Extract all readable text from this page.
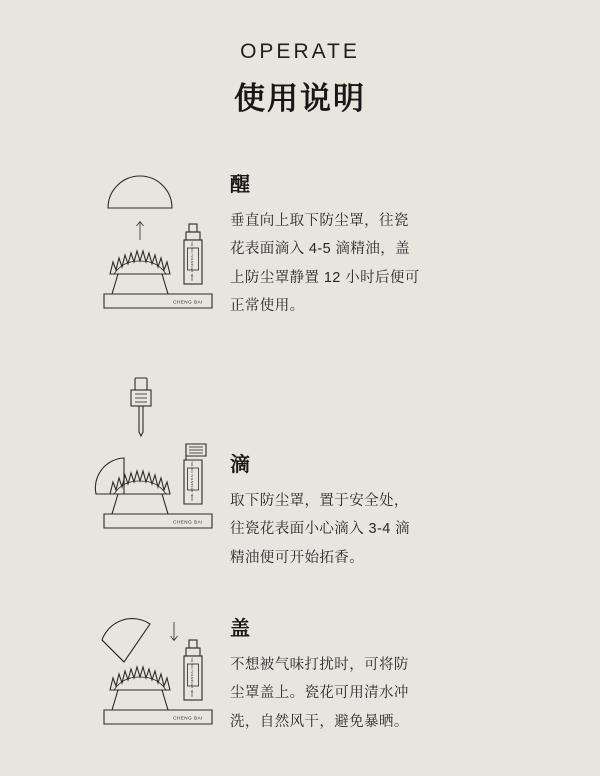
OPERATE
使用说明
30ML ESSENTIAL OIL OIL
CHENG BAI
醒
垂直向上取下防尘罩，往瓷花表面滴入 4-5 滴精油，盖上防尘罩静置 12 小时后便可正常使用。
30ML ESSENTIAL OIL OIL
CHENG BAI
滴
取下防尘罩，置于安全处，往瓷花表面小心滴入 3-4 滴精油便可开始拓香。
30ML ESSENTIAL OIL OIL
CHENG BAI
盖
不想被气味打扰时，可将防尘罩盖上。瓷花可用清水冲洗，自然风干，避免暴晒。
